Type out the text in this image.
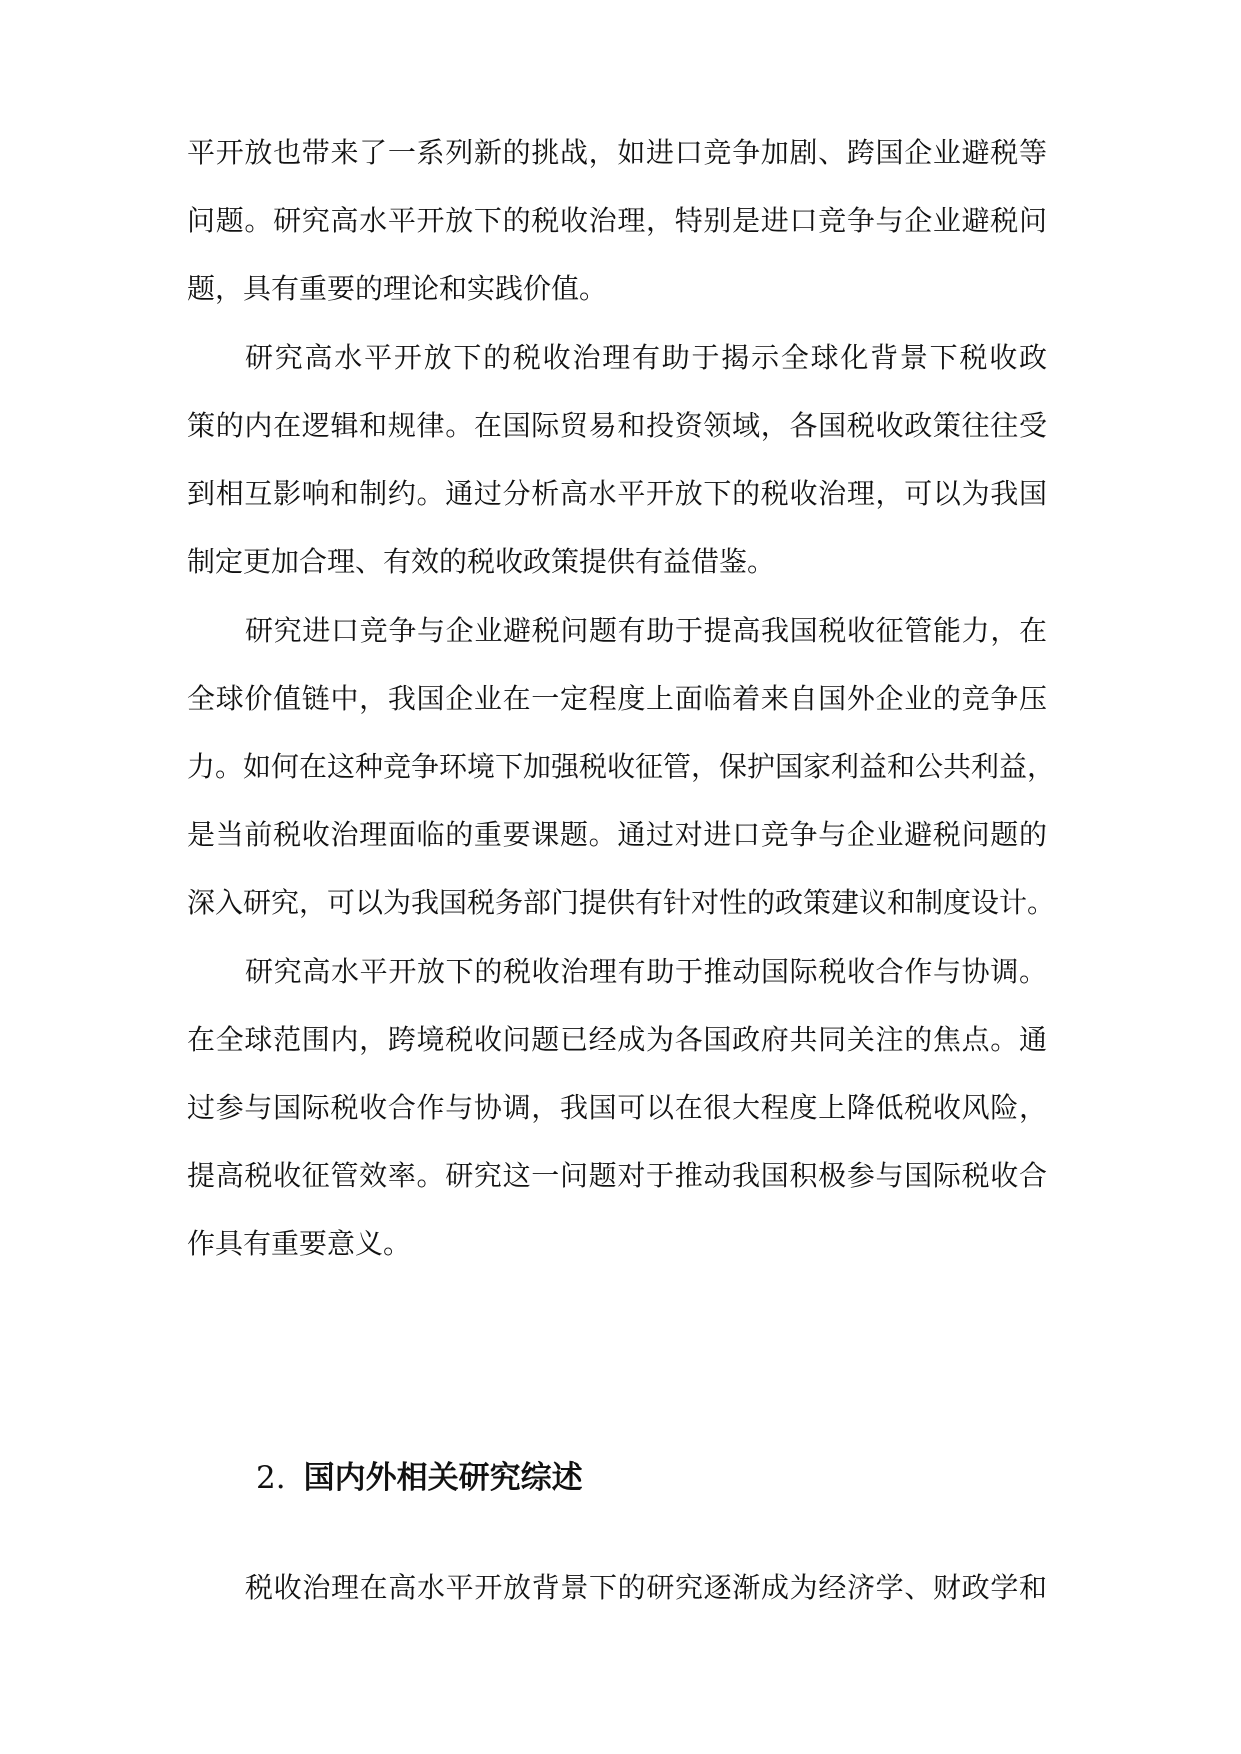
平开放也带来了一系列新的挑战，如进口竞争加剧、跨国企业避税等
问题。研究高水平开放下的税收治理，特别是进口竞争与企业避税问
题，具有重要的理论和实践价值。
研究高水平开放下的税收治理有助于揭示全球化背景下税收政
策的内在逻辑和规律。在国际贸易和投资领域，各国税收政策往往受
到相互影响和制约。通过分析高水平开放下的税收治理，可以为我国
制定更加合理、有效的税收政策提供有益借鉴。
研究进口竞争与企业避税问题有助于提高我国税收征管能力，在
全球价值链中，我国企业在一定程度上面临着来自国外企业的竞争压
力。如何在这种竞争环境下加强税收征管，保护国家利益和公共利益，
是当前税收治理面临的重要课题。通过对进口竞争与企业避税问题的
深入研究，可以为我国税务部门提供有针对性的政策建议和制度设计。
研究高水平开放下的税收治理有助于推动国际税收合作与协调。
在全球范围内，跨境税收问题已经成为各国政府共同关注的焦点。通
过参与国际税收合作与协调，我国可以在很大程度上降低税收风险，
提高税收征管效率。研究这一问题对于推动我国积极参与国际税收合
作具有重要意义。
2. 国内外相关研究综述
税收治理在高水平开放背景下的研究逐渐成为经济学、财政学和
